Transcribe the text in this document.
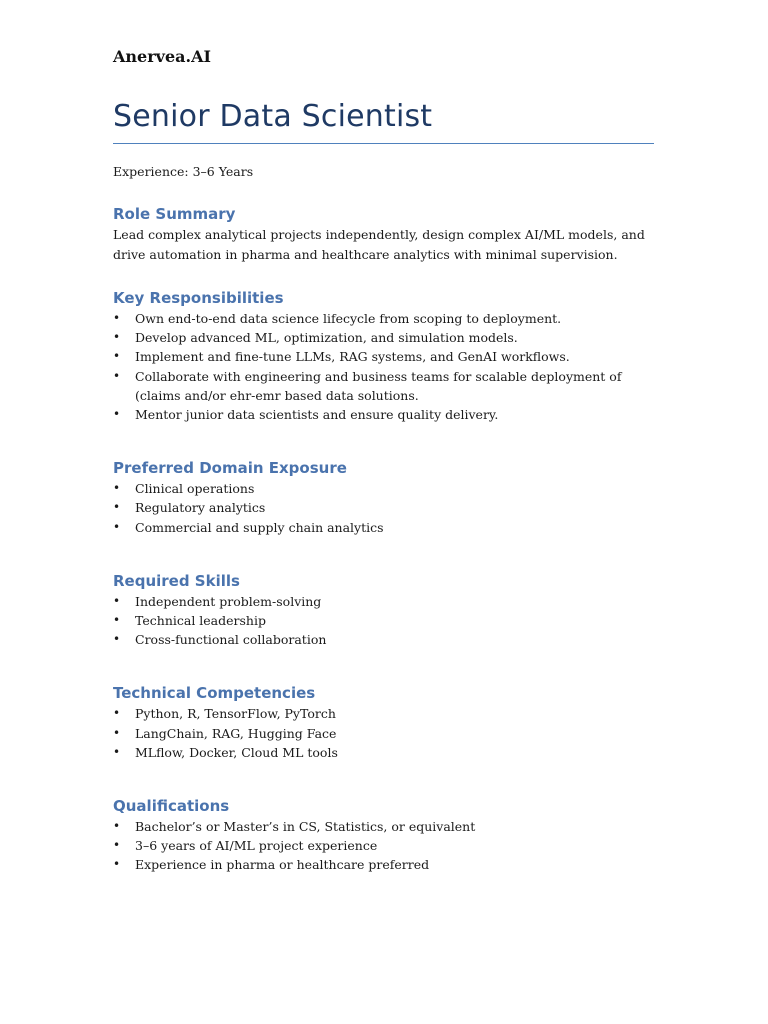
Anervea.AI
Senior Data Scientist
Experience: 3–6 Years
Role Summary

Lead complex analytical projects independently, design complex AI/ML models, and drive automation in pharma and healthcare analytics with minimal supervision.

Key Responsibilities
• Own end-to-end data science lifecycle from scoping to deployment.
• Develop advanced ML, optimization, and simulation models.
• Implement and fine-tune LLMs, RAG systems, and GenAI workflows.
• Collaborate with engineering and business teams for scalable deployment of (claims and/or ehr-emr based data solutions.
• Mentor junior data scientists and ensure quality delivery.
Preferred Domain Exposure
• Clinical operations
• Regulatory analytics
• Commercial and supply chain analytics
Required Skills
• Independent problem-solving
• Technical leadership
• Cross-functional collaboration
Technical Competencies
• Python, R, TensorFlow, PyTorch
• LangChain, RAG, Hugging Face
• MLflow, Docker, Cloud ML tools
Qualifications
• Bachelor’s or Master’s in CS, Statistics, or equivalent
• 3–6 years of AI/ML project experience
• Experience in pharma or healthcare preferred
